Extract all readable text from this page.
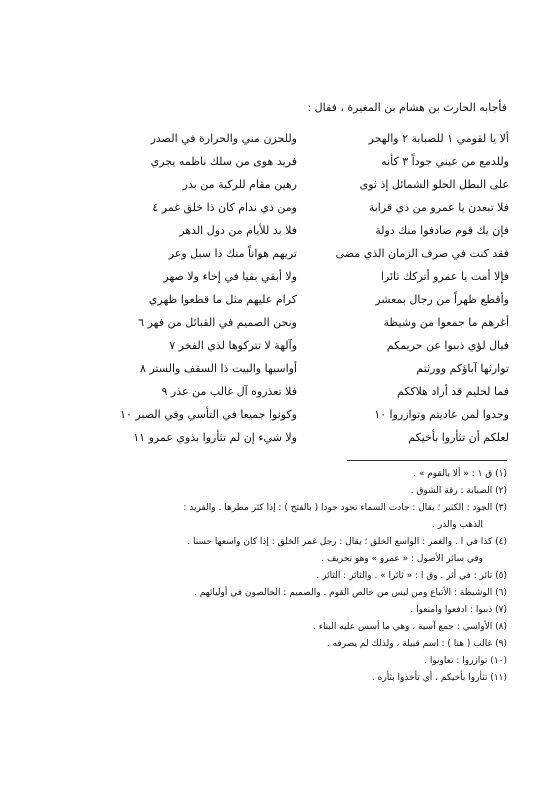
فأجابه الحارث بن هشام بن المغيرة ، فقال :
ألا يا لقومي ١ للصبابة ٢ والهجر
وللحزن مني والحرارة في الصدر
وللدمع من عيني جوداً ٣ كأنه
فريد هوى من سلك ناظمه يجري
على البطل الحلو الشمائل إذ ثوى
رهين مقام للركية من بدر
فلا تبعدن يا عمرو من ذي قرابة
ومن ذي ندام كان ذا خلق غمر ٤
فإن يك قوم صادفوا منك دولة
فلا بد للأيام من دول الدهر
فقد كنت في صرف الزمان الذي مضى
تريهم هواناً منك ذا سبل وعر
فإلا أمت يا عمرو أتركك ثائرا
ولا أبقي بقيا في إخاء ولا صهر
وأقطع ظهراً من رجال بمعشر
كرام عليهم مثل ما قطعوا ظهري
أغرهم ما جمعوا من وشيظة
ونحن الصميم في القبائل من فهر ٦
فيال لؤي ذببوا عن حريمكم
وآلهة لا تتركوها لذي الفخر ٧
توارثها آباؤكم وورثتم
أواسيها والبيت ذا السقف والستر ٨
فما لحليم قد أراد هلاككم
فلا تعذروه آل غالب من عذر ٩
وجدوا لمن عاديتم وتوازروا ١٠
وكونوا جميعا في التأسي وفي الصبر ١٠
لعلكم أن تثأروا بأخيكم
ولا شيء إن لم تثأروا بذوي عمرو ١١
(١) ق ١ : « ألا يالقوم » .
(٢) الصبابة : رقة الشوق .
(٣) الجود : الكثير ؛ يقال : جادت السماء تجود جودا ( بالفتح ) : إذا كثر مطرها . والفريد :
الذهب والدر .
(٤) كذا في ا . والغمر : الواسع الخلق ؛ يقال : رجل غمر الخلق : إذا كان واسعها حسنا .
وفي سائر الأصول : « عمرو » وهو تحريف .
(٥) ثائر : في أثر . وق ا : « ثائرا » . والثائر : الثائر .
(٦) الوشيظة : الأتباع ومن ليس من خالص القوم . والصميم : الخالصون في أوليائهم .
(٧) ذببوا : ادفعوا وامنعوا .
(٨) الأواسي : جمع آسية ، وهي ما أسس عليه البناء .
(٩) غالب ( هنا ) : اسم قبيلة ، ولذلك لم يصرفه .
(١٠) توازروا : تعاونوا .
(١١) تثأروا بأخيكم ، أي تأخذوا بثأره .
